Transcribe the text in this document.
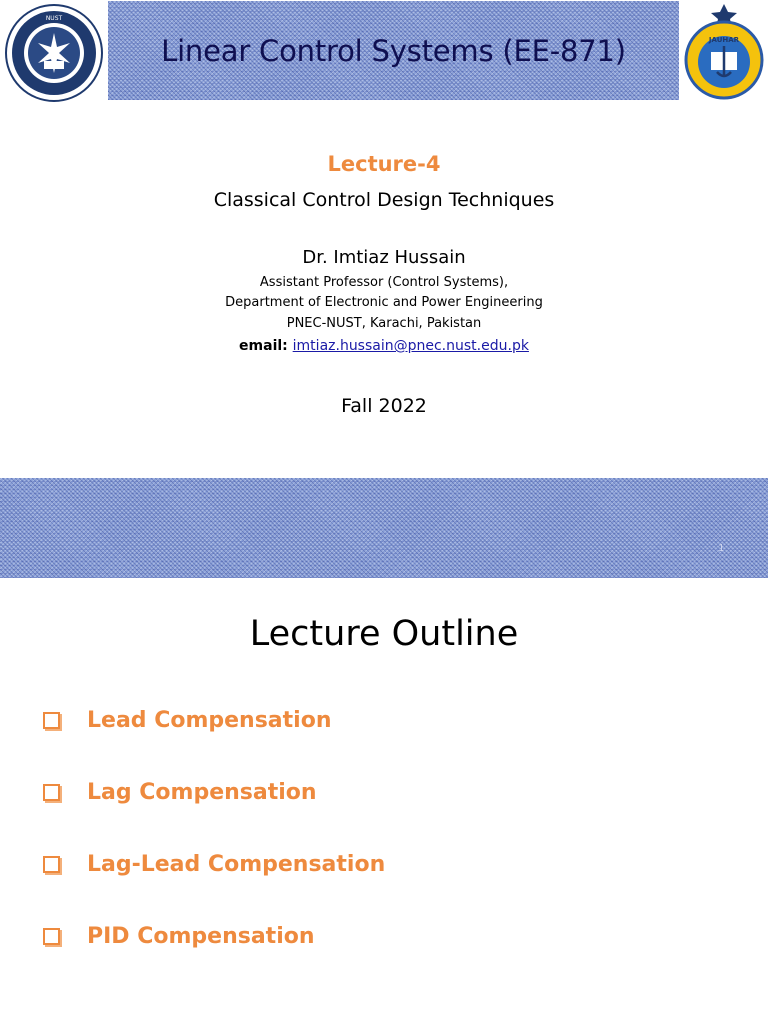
NUST
Linear Control Systems (EE-871)	JAUHAR
Lecture-4
Classical Control Design Techniques
Dr. Imtiaz Hussain
Assistant Professor (Control Systems),
Department of Electronic and Power Engineering
PNEC-NUST, Karachi, Pakistan
email: imtiaz.hussain@pnec.nust.edu.pk
Fall 2022
1
Lecture Outline
Lead Compensation
Lag Compensation
Lag-Lead Compensation
PID Compensation
